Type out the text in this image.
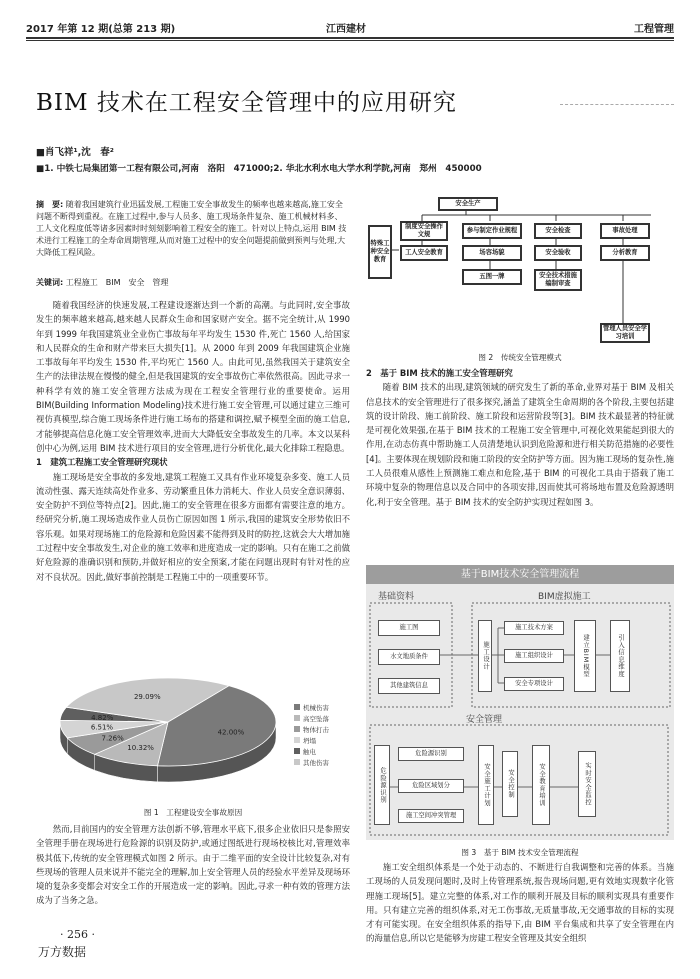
2017 年第 12 期(总第 213 期)	江西建材	工程管理
BIM 技术在工程安全管理中的应用研究
■肖飞祥¹,沈　春²
■1. 中铁七局集团第一工程有限公司,河南　洛阳　471000;2. 华北水利水电大学水利学院,河南　郑州　450000
摘　要: 随着我国建筑行业迅猛发展,工程施工安全事故发生的频率也越来越高,施工安全问题不断得到重视。在施工过程中,参与人员多、施工现场条件复杂、施工机械材料多、工人文化程度低等诸多因素时时刻刻影响着工程安全的施工。针对以上特点,运用 BIM 技术进行工程施工的全寿命周期管理,从而对施工过程中的安全问题提前做到预判与处理,大大降低工程风险。
关键词: 工程施工　BIM　安全　管理

随着我国经济的快速发展,工程建设逐渐达到一个新的高潮。与此同时,安全事故发生的频率越来越高,越来越人民群众生命和国家财产安全。据不完全统计,从 1990 年到 1999 年我国建筑业全业伤亡事故每年平均发生 1530 件,死亡 1560 人,给国家和人民群众的生命和财产带来巨大损失[1]。从 2000 年到 2009 年我国建筑企业施工事故每年平均发生 1530 件,平均死亡 1560 人。由此可见,虽然我国关于建筑安全生产的法律法规在慢慢的健全,但是我国建筑的安全事故伤亡率依然很高。因此寻求一种科学有效的施工安全管理方法成为现在工程安全管理行业的重要使命。运用 BIM(Building Information Modeling)技术进行施工安全管理,可以通过建立三维可视仿真模型,综合施工现场条件进行施工场布的搭建和调控,赋予模型全面的施工信息,才能够提高信息化施工安全管理效率,进而大大降低安全事故发生的几率。本文以某科创中心为例,运用 BIM 技术进行项目的安全管理,进行分析优化,最大化排除工程隐患。

1　建筑工程施工安全管理研究现状

施工现场是安全事故的多发地,建筑工程施工又具有作业环境复杂多变、施工人员流动性强、露天连续高处作业多、劳动繁重且体力消耗大、作业人员安全意识薄弱、安全防护不到位等特点[2]。因此,施工的安全管理在很多方面都有需要注意的地方。经研究分析,施工现场造成作业人员伤亡原因如图 1 所示,我国的建筑安全形势依旧不容乐观。如果对现场施工的危险源和危险因素不能得到及时的防控,这就会大大增加施工过程中安全事故发生,对企业的施工效率和进度造成一定的影响。只有在施工之前做好危险源的准确识别和预防,并做好相应的安全预案,才能在问题出现时有针对性的应对不良状况。因此,做好事前控制是工程施工中的一项重要环节。

42.00%
10.32%
7.26%
6.51%
4.82%
29.09%
机械伤害
高空坠落
物体打击
坍塌
触电
其他伤害
图 1　工程建设安全事故原因

然而,目前国内的安全管理方法创新不够,管理水平底下,很多企业依旧只是参照安全管理手册在现场进行危险源的识别及防护,或通过图纸进行现场校核比对,管理效率极其低下,传统的安全管理模式如图 2 所示。由于二维平面的安全设计比较复杂,对有些现场的管理人员来说并不能完全的理解,加上安全管理人员的经验水平差异及现场环境的复杂多变都会对安全工作的开展造成一定的影响。因此,寻求一种有效的管理方法成为了当务之急。

安全生产
特殊工种安全教育
制度安全操作文规
参与制定作业规程	安全检查	事故处理
工人安全教育	场容场貌	安全验收	分析教育
五图一牌	安全技术措施编制审查
管理人员安全学习培训
图 2　传统安全管理模式

2　基于 BIM 技术的施工安全管理研究

随着 BIM 技术的出现,建筑领域的研究发生了新的革命,业界对基于 BIM 及相关信息技术的安全管理进行了很多探究,涵盖了建筑全生命周期的各个阶段,主要包括建筑的设计阶段、施工前阶段、施工阶段和运营阶段等[3]。BIM 技术最显著的特征就是可视化效果强,在基于 BIM 技术的工程施工安全管理中,可视化效果能起到很大的作用,在动态仿真中帮助施工人员清楚地认识到危险源和进行相关防范措施的必要性[4]。主要体现在规划阶段和施工阶段的安全防护等方面。因为施工现场的复杂性,施工人员很难从感性上预测施工难点和危险,基于 BIM 的可视化工具由于搭载了施工环境中复杂的物理信息以及合同中的各项安排,因而使其可将场地布置及危险源透明化,利于安全管理。基于 BIM 技术的安全防护实现过程如图 3。

基于BIM技术安全管理流程
基础资料	BIM虚拟施工
安全管理
施工图
水文地质条件
其他建筑信息
施工设计
施工技术方案
施工组织设计
安全专项设计
建立BIM模型	引入信息维度
危险源识别
危险源识别
危险区域划分
施工空间冲突管理
安全施工计划	安全控制	安全教育培训	实时安全监控
图 3　基于 BIM 技术安全管理流程

施工安全组织体系是一个处于动态的、不断进行自我调整和完善的体系。当施工现场的人员发现问题时,及时上传管理系统,报告现场问题,更有效地实现数字化管理施工现场[5]。建立完整的体系,对工作的顺利开展及目标的顺利实现具有重要作用。只有建立完善的组织体系,对无工伤事故,无质量事故,无交通事故的目标的实现才有可能实现。在安全组织体系的指导下,由 BIM 平台集成和共享了安全管理在内的海量信息,所以它是能够为房建工程安全管理及其安全组织

· 256 ·
万方数据
